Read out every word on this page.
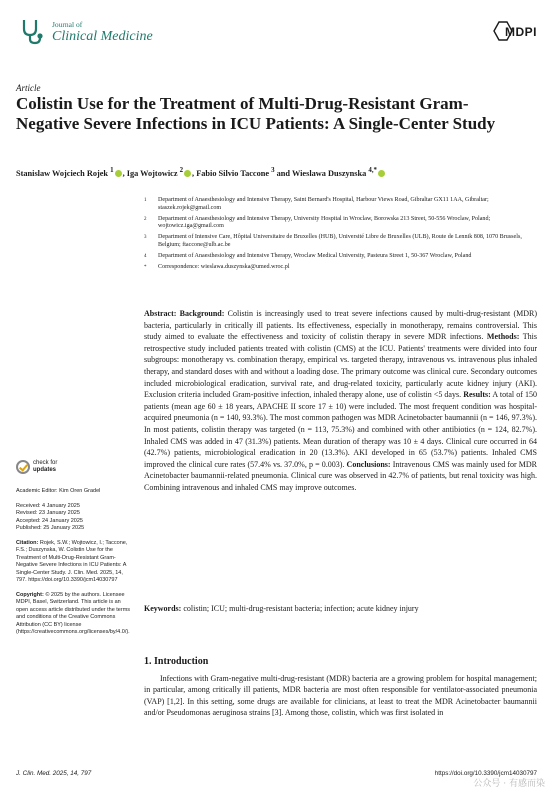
Journal of
Clinical Medicine	MDPI
Article
Colistin Use for the Treatment of Multi-Drug-Resistant Gram-Negative Severe Infections in ICU Patients: A Single-Center Study
Stanislaw Wojciech Rojek $^1$ , Iga Wojtowicz $^2$ , Fabio Silvio Taccone $^3$ and Wieslawa Duszynska $^{4,*}$
1	Department of Anaesthesiology and Intensive Therapy, Saint Bernard's Hospital, Harbour Views Road, Gibraltar GX11 1AA, Gibraltar; staszek.rojek@gmail.com
2	Department of Anaesthesiology and Intensive Therapy, University Hospital in Wroclaw, Borowska 213 Street, 50-556 Wroclaw, Poland; wojtowicz.iga@gmail.com
3	Department of Intensive Care, Hôpital Universitaire de Bruxelles (HUB), Université Libre de Bruxelles (ULB), Route de Lennik 808, 1070 Brussels, Belgium; ftaccone@ulb.ac.be
4	Department of Anaesthesiology and Intensive Therapy, Wroclaw Medical University, Pasteura Street 1, 50-367 Wroclaw, Poland
*	Correspondence: wieslawa.duszynska@umed.wroc.pl
check for
updates
Academic Editor: Kim Oren Gradel
Received: 4 January 2025
Revised: 23 January 2025
Accepted: 24 January 2025
Published: 25 January 2025
Citation: Rojek, S.W.; Wojtowicz, I.; Taccone, F.S.; Duszynska, W. Colistin Use for the Treatment of Multi-Drug-Resistant Gram-Negative Severe Infections in ICU Patients: A Single-Center Study. J. Clin. Med. 2025, 14, 797. https://doi.org/10.3390/jcm14030797
Copyright: © 2025 by the authors. Licensee MDPI, Basel, Switzerland. This article is an open access article distributed under the terms and conditions of the Creative Commons Attribution (CC BY) license (https://creativecommons.org/licenses/by/4.0/).
Abstract: Background: Colistin is increasingly used to treat severe infections caused by multi-drug-resistant (MDR) bacteria, particularly in critically ill patients. Its effectiveness, especially in monotherapy, remains controversial. This study aimed to evaluate the effectiveness and toxicity of colistin therapy in severe MDR infections. Methods: This retrospective study included patients treated with colistin (CMS) at the ICU. Patients' treatments were divided into four subgroups: monotherapy vs. combination therapy, empirical vs. targeted therapy, intravenous vs. intravenous plus inhaled therapy, and standard doses with and without a loading dose. The primary outcome was clinical cure. Secondary outcomes included microbiological eradication, survival rate, and drug-related toxicity, particularly acute kidney injury (AKI). Exclusion criteria included Gram-positive infection, inhaled therapy alone, use of colistin <5 days. Results: A total of 150 patients (mean age 60 ± 18 years, APACHE II score 17 ± 10) were included. The most frequent condition was hospital-acquired pneumonia (n = 140, 93.3%). The most common pathogen was MDR Acinetobacter baumannii (n = 146, 97.3%). In most patients, colistin therapy was targeted (n = 113, 75.3%) and combined with other antibiotics (n = 124, 82.7%). Inhaled CMS was added in 47 (31.3%) patients. Mean duration of therapy was 10 ± 4 days. Clinical cure occurred in 64 (42.7%) patients, microbiological eradication in 20 (13.3%). AKI developed in 65 (53.7%) patients. Inhaled CMS improved the clinical cure rates (57.4% vs. 37.0%, p = 0.003). Conclusions: Intravenous CMS was mainly used for MDR Acinetobacter baumannii-related pneumonia. Clinical cure was observed in 42.7% of patients, but renal toxicity was high. Combining intravenous and inhaled CMS may improve outcomes.
Keywords: colistin; ICU; multi-drug-resistant bacteria; infection; acute kidney injury
1. Introduction

Infections with Gram-negative multi-drug-resistant (MDR) bacteria are a growing problem for hospital management; in particular, among critically ill patients, MDR bacteria are most often responsible for ventilator-associated pneumonia (VAP) [1,2]. In this setting, some drugs are available for clinicians, at least to treat the MDR Acinetobacter baumannii and/or Pseudomonas aeruginosa strains [3]. Among those, colistin, which was first isolated in

J. Clin. Med. 2025, 14, 797	https://doi.org/10.3390/jcm14030797
公众号 · 有感而染
